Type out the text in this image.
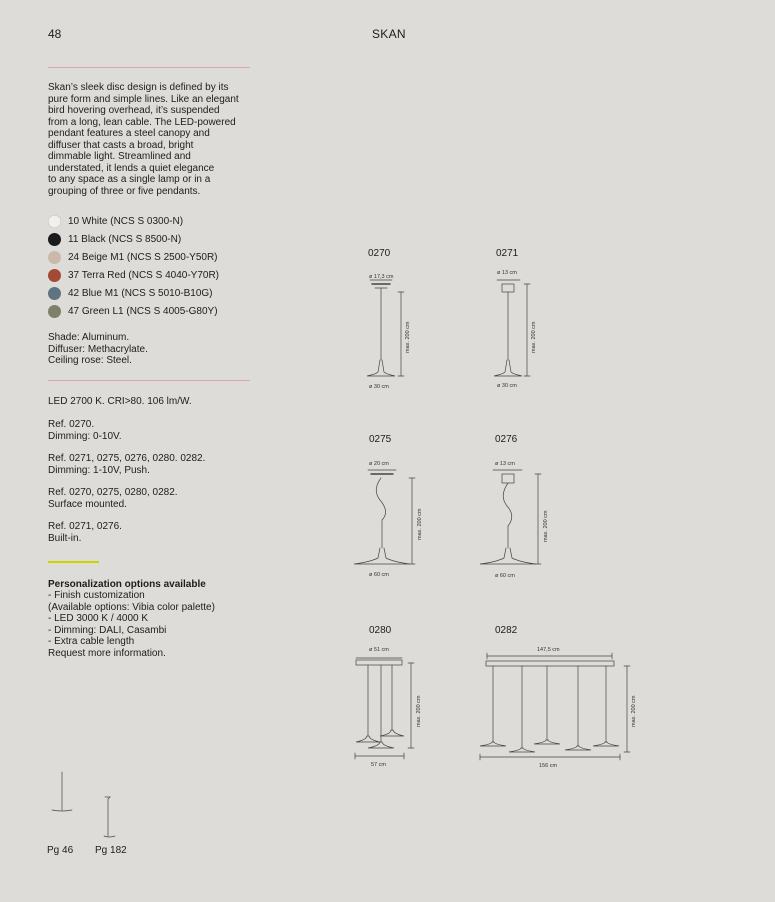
48	SKAN
Skan’s sleek disc design is defined by its
pure form and simple lines. Like an elegant
bird hovering overhead, it’s suspended
from a long, lean cable. The LED-powered
pendant features a steel canopy and
diffuser that casts a broad, bright
dimmable light. Streamlined and
understated, it lends a quiet elegance
to any space as a single lamp or in a
grouping of three or five pendants.
10 White (NCS S 0300-N)
11 Black (NCS S 8500-N)
24 Beige M1 (NCS S 2500-Y50R)
37 Terra Red (NCS S 4040-Y70R)
42 Blue M1 (NCS S 5010-B10G)
47 Green L1 (NCS S 4005-G80Y)
Shade: Aluminum.
Diffuser: Methacrylate.
Ceiling rose: Steel.
LED 2700 K. CRI>80. 106 lm/W.
Ref. 0270.
Dimming: 0-10V.
Ref. 0271, 0275, 0276, 0280. 0282.
Dimming: 1-10V, Push.
Ref. 0270, 0275, 0280, 0282.
Surface mounted.
Ref. 0271, 0276.
Built-in.
Personalization options available
- Finish customization
(Available options: Vibia color palette)
- LED 3000 K / 4000 K
- Dimming: DALI, Casambi
- Extra cable length
Request more information.
0270	0271
0275	0276
0280	0282
ø 17,3 cm
ø 30 cm
max. 200 cm
ø 13 cm
ø 30 cm
max. 200 cm
ø 20 cm
ø 60 cm
max. 200 cm
ø 13 cm
ø 60 cm
max. 200 cm
ø 51 cm
57 cm
max. 200 cm
147,5 cm
156 cm
max. 200 cm
Pg 46 Pg 182
